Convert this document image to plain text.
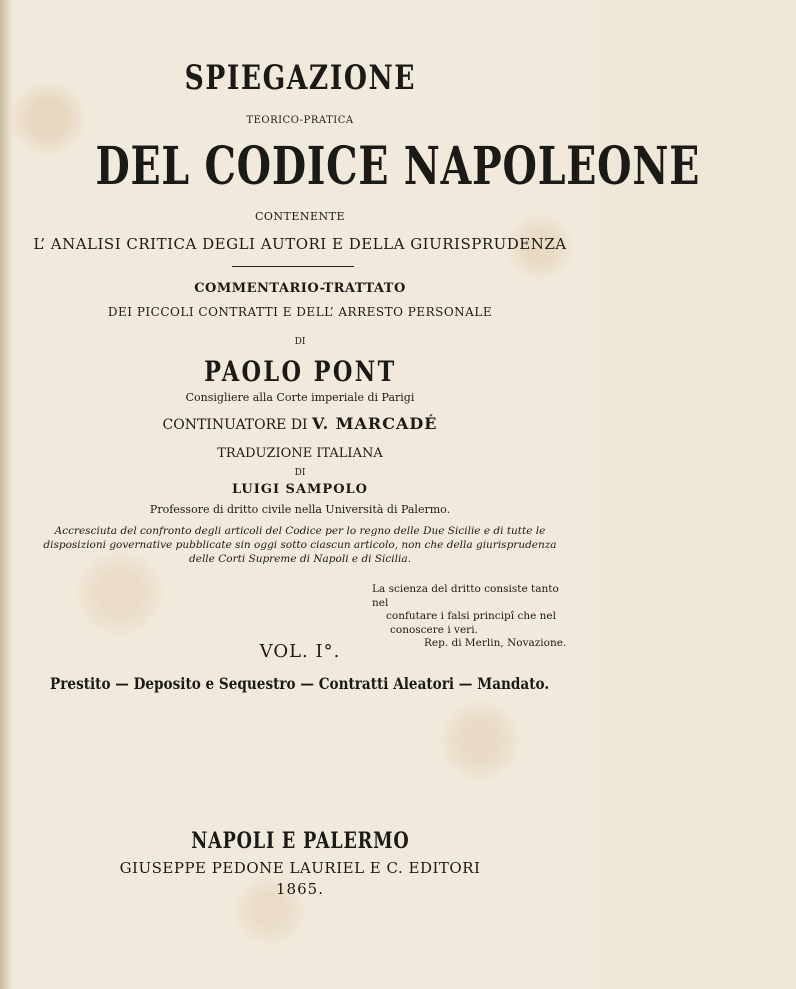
SPIEGAZIONE
TEORICO-PRATICA
DEL CODICE NAPOLEONE
CONTENENTE
L’ ANALISI CRITICA DEGLI AUTORI E DELLA GIURISPRUDENZA
COMMENTARIO-TRATTATO
DEI PICCOLI CONTRATTI E DELL’ ARRESTO PERSONALE
DI
PAOLO PONT
Consigliere alla Corte imperiale di Parigi
CONTINUATORE DI V. MARCADÉ
TRADUZIONE ITALIANA
DI
LUIGI SAMPOLO
Professore di dritto civile nella Università di Palermo.
Accresciuta del confronto degli articoli del Codice per lo regno delle Due Sicilie e di tutte le disposizioni governative pubblicate sin oggi sotto ciascun articolo, non che della giurisprudenza delle Corti Supreme di Napoli e di Sicilia.
La scienza del dritto consiste tanto nel
confutare i falsi principî che nel
conoscere i veri.
Rep. di Merlin, Novazione.
VOL. I°.
Prestito — Deposito e Sequestro — Contratti Aleatori — Mandato.
NAPOLI E PALERMO
GIUSEPPE PEDONE LAURIEL E C. EDITORI
1865.
